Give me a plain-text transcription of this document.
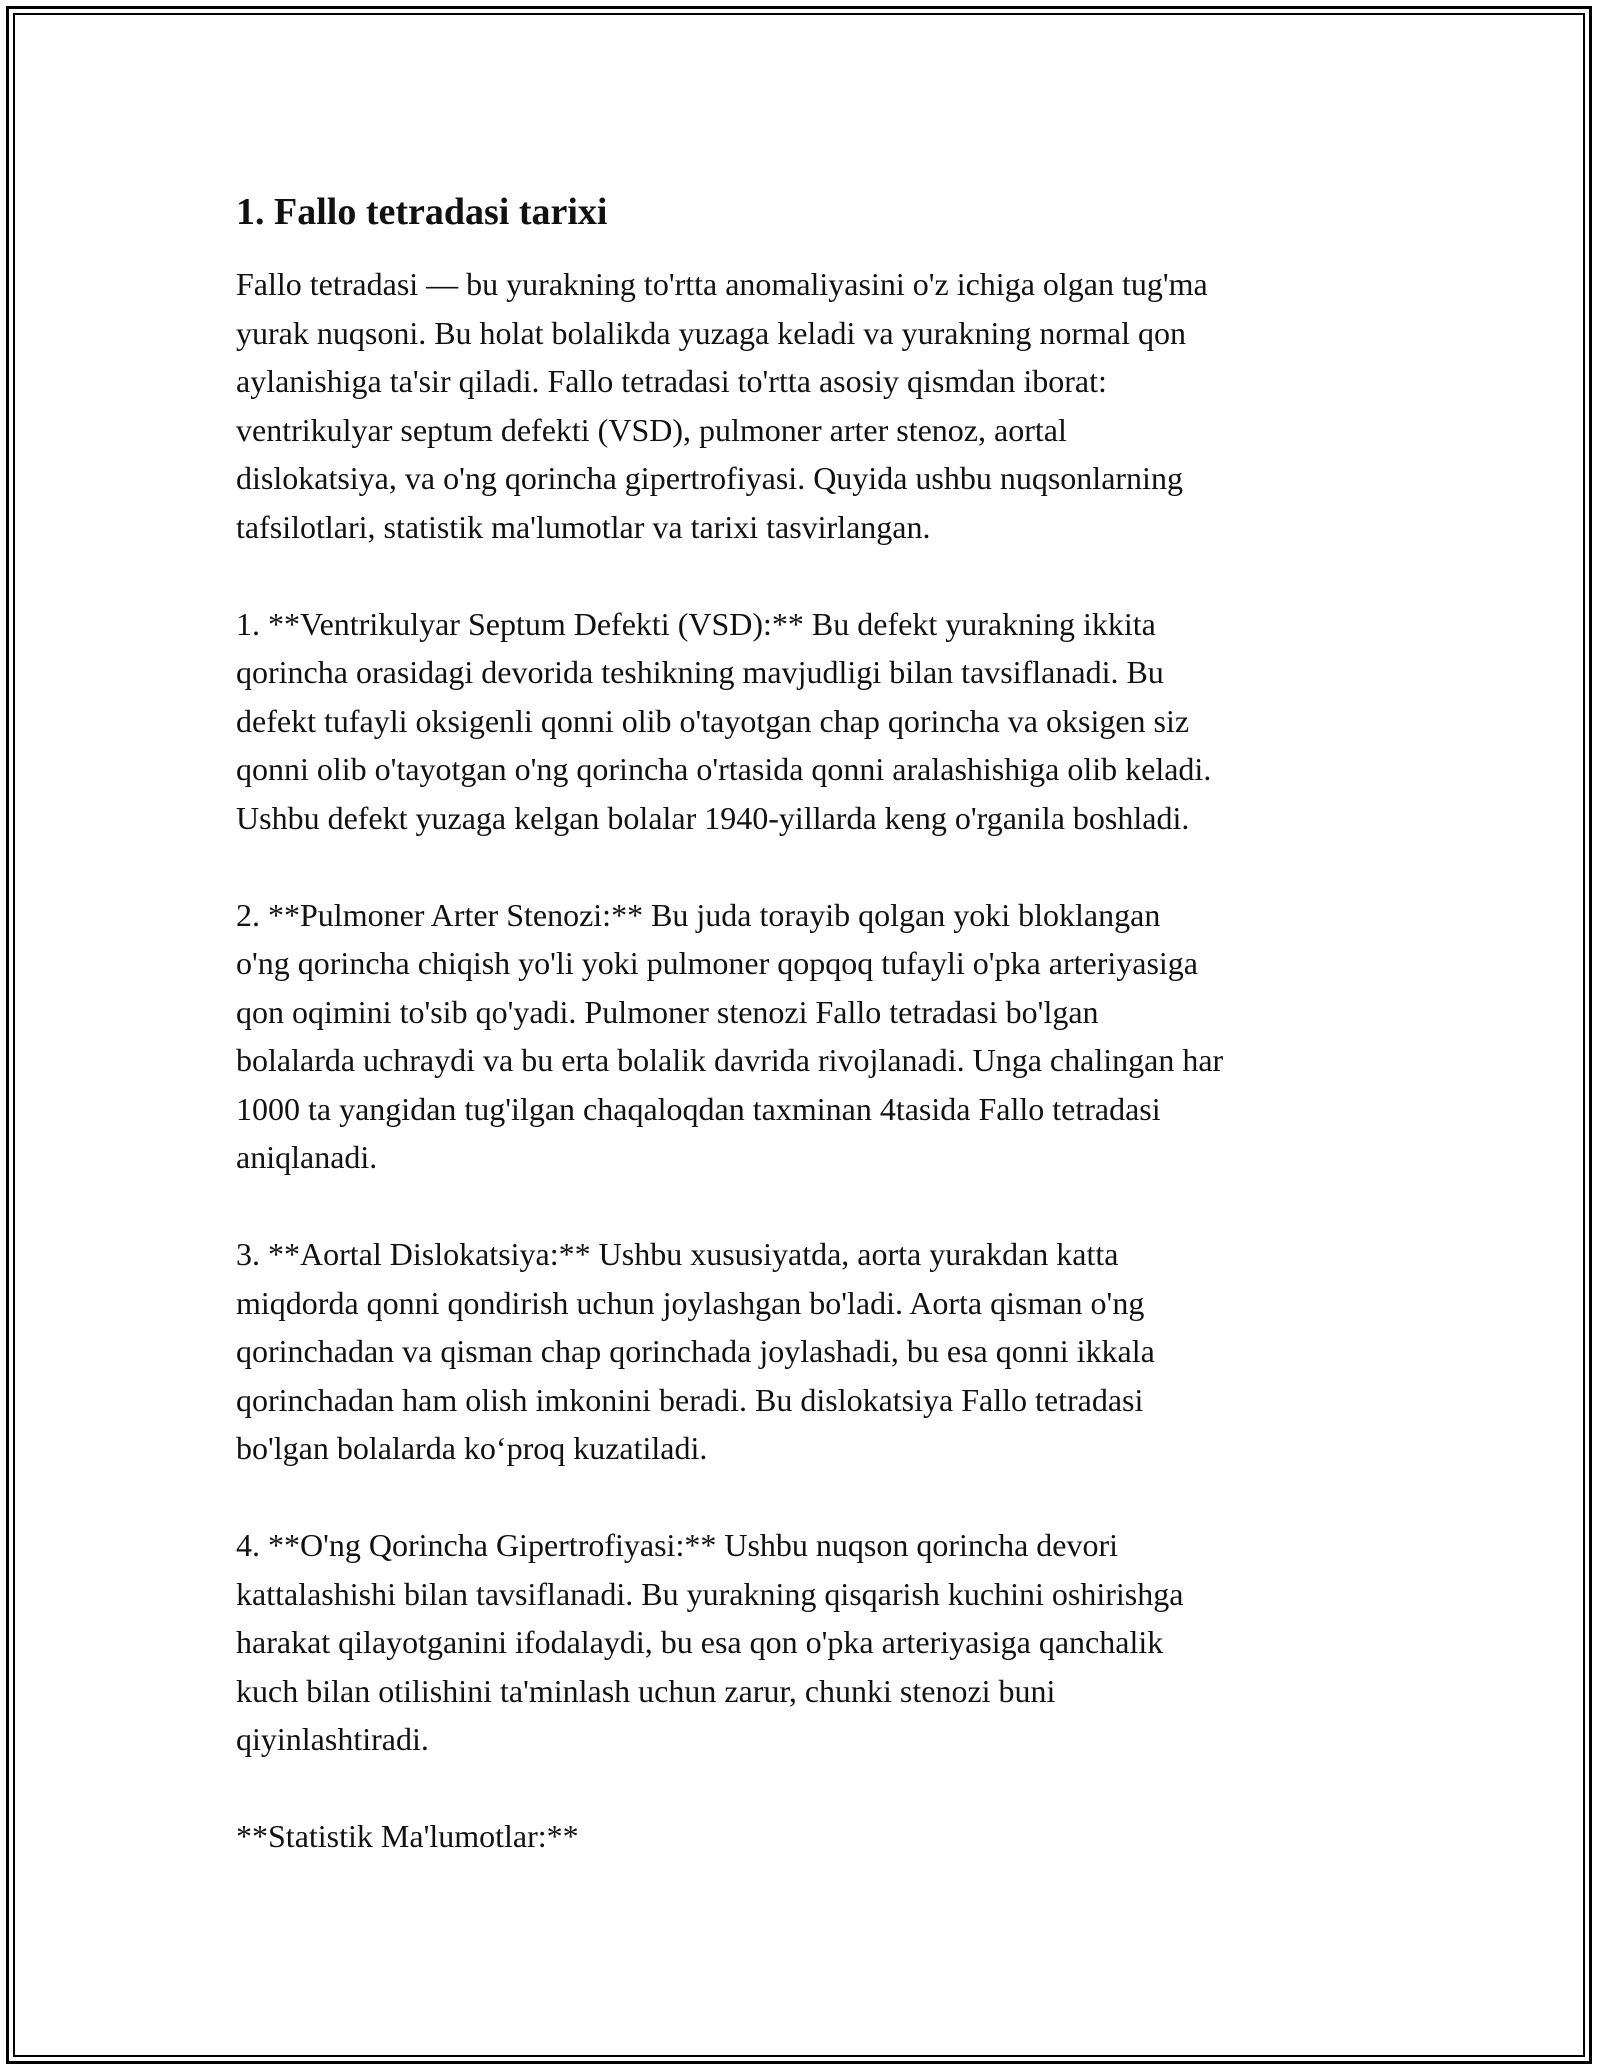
1. Fallo tetradasi tarixi

Fallo tetradasi — bu yurakning to'rtta anomaliyasini o'z ichiga olgan tug'ma
yurak nuqsoni. Bu holat bolalikda yuzaga keladi va yurakning normal qon
aylanishiga ta'sir qiladi. Fallo tetradasi to'rtta asosiy qismdan iborat:
ventrikulyar septum defekti (VSD), pulmoner arter stenoz, aortal
dislokatsiya, va o'ng qorincha gipertrofiyasi. Quyida ushbu nuqsonlarning
tafsilotlari, statistik ma'lumotlar va tarixi tasvirlangan.

1. **Ventrikulyar Septum Defekti (VSD):** Bu defekt yurakning ikkita
qorincha orasidagi devorida teshikning mavjudligi bilan tavsiflanadi. Bu
defekt tufayli oksigenli qonni olib o'tayotgan chap qorincha va oksigen siz
qonni olib o'tayotgan o'ng qorincha o'rtasida qonni aralashishiga olib keladi.
Ushbu defekt yuzaga kelgan bolalar 1940-yillarda keng o'rganila boshladi.

2. **Pulmoner Arter Stenozi:** Bu juda torayib qolgan yoki bloklangan
o'ng qorincha chiqish yo'li yoki pulmoner qopqoq tufayli o'pka arteriyasiga
qon oqimini to'sib qo'yadi. Pulmoner stenozi Fallo tetradasi bo'lgan
bolalarda uchraydi va bu erta bolalik davrida rivojlanadi. Unga chalingan har
1000 ta yangidan tug'ilgan chaqaloqdan taxminan 4tasida Fallo tetradasi
aniqlanadi.

3. **Aortal Dislokatsiya:** Ushbu xususiyatda, aorta yurakdan katta
miqdorda qonni qondirish uchun joylashgan bo'ladi. Aorta qisman o'ng
qorinchadan va qisman chap qorinchada joylashadi, bu esa qonni ikkala
qorinchadan ham olish imkonini beradi. Bu dislokatsiya Fallo tetradasi
bo'lgan bolalarda ko‘proq kuzatiladi.

4. **O'ng Qorincha Gipertrofiyasi:** Ushbu nuqson qorincha devori
kattalashishi bilan tavsiflanadi. Bu yurakning qisqarish kuchini oshirishga
harakat qilayotganini ifodalaydi, bu esa qon o'pka arteriyasiga qanchalik
kuch bilan otilishini ta'minlash uchun zarur, chunki stenozi buni
qiyinlashtiradi.

**Statistik Ma'lumotlar:**
